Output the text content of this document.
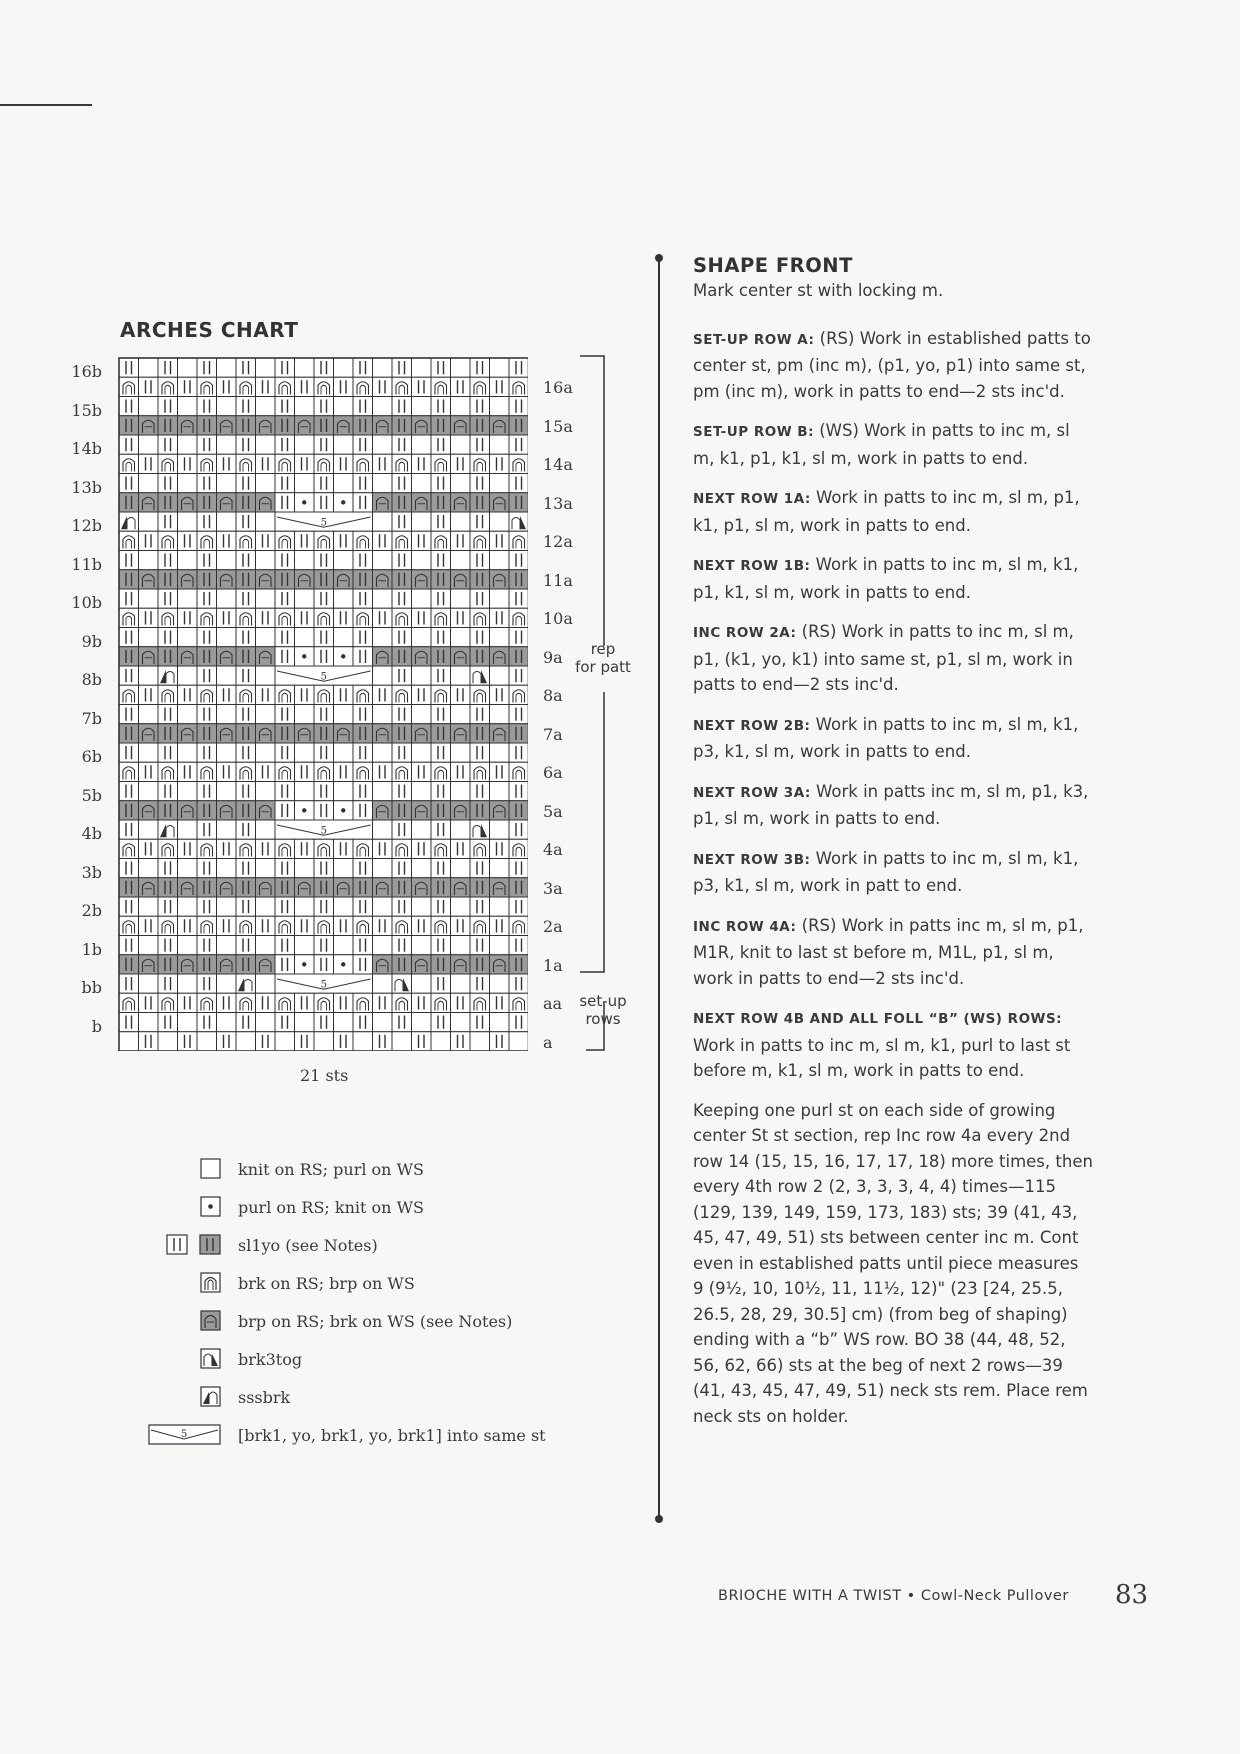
ARCHES CHART
16b
15b
14b
13b
12b
11b
10b
9b
8b
7b
6b
5b
4b
3b
2b
1b
bb
b
5
5
5
5
16a
15a
14a
13a
12a
11a
10a
9a
8a
7a
6a
5a
4a
3a
2a
1a
aa
a
rep
for patt
set-up
rows
21 sts
knit on RS; purl on WS
purl on RS; knit on WS
sl1yo (see Notes)
brk on RS; brp on WS
brp on RS; brk on WS (see Notes)
brk3tog
sssbrk
5	[brk1, yo, brk1, yo, brk1] into same st
SHAPE FRONT
Mark center st with locking m.
SET-UP ROW A: (RS) Work in established patts to center st, pm (inc m), (p1, yo, p1) into same st, pm (inc m), work in patts to end—2 sts inc'd.
SET-UP ROW B: (WS) Work in patts to inc m, sl m, k1, p1, k1, sl m, work in patts to end.
NEXT ROW 1A: Work in patts to inc m, sl m, p1, k1, p1, sl m, work in patts to end.
NEXT ROW 1B: Work in patts to inc m, sl m, k1, p1, k1, sl m, work in patts to end.
INC ROW 2A: (RS) Work in patts to inc m, sl m, p1, (k1, yo, k1) into same st, p1, sl m, work in patts to end—2 sts inc'd.
NEXT ROW 2B: Work in patts to inc m, sl m, k1, p3, k1, sl m, work in patts to end.
NEXT ROW 3A: Work in patts inc m, sl m, p1, k3, p1, sl m, work in patts to end.
NEXT ROW 3B: Work in patts to inc m, sl m, k1, p3, k1, sl m, work in patt to end.
INC ROW 4A: (RS) Work in patts inc m, sl m, p1, M1R, knit to last st before m, M1L, p1, sl m, work in patts to end—2 sts inc'd.
NEXT ROW 4B AND ALL FOLL “B” (WS) ROWS: Work in patts to inc m, sl m, k1, purl to last st before m, k1, sl m, work in patts to end.
Keeping one purl st on each side of growing center St st section, rep Inc row 4a every 2nd row 14 (15, 15, 16, 17, 17, 18) more times, then every 4th row 2 (2, 3, 3, 3, 4, 4) times—115 (129, 139, 149, 159, 173, 183) sts; 39 (41, 43, 45, 47, 49, 51) sts between center inc m. Cont even in established patts until piece measures 9 (9½, 10, 10½, 11, 11½, 12)" (23 [24, 25.5, 26.5, 28, 29, 30.5] cm) (from beg of shaping) ending with a “b” WS row. BO 38 (44, 48, 52, 56, 62, 66) sts at the beg of next 2 rows—39 (41, 43, 45, 47, 49, 51) neck sts rem. Place rem neck sts on holder.
BRIOCHE WITH A TWIST • Cowl-Neck Pullover 83
